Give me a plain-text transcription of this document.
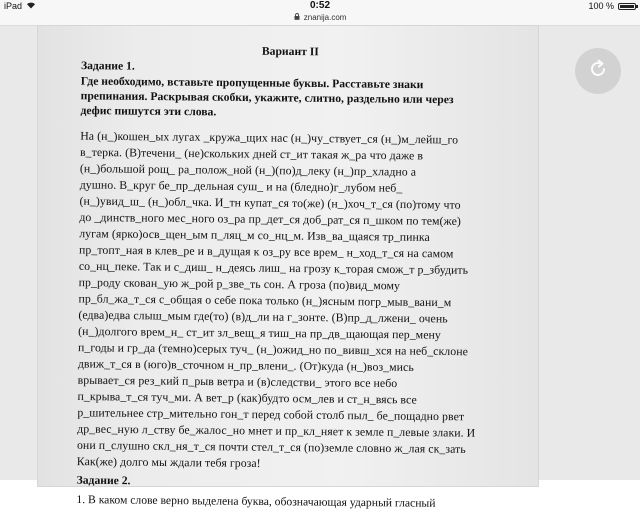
iPad	0:52	100 %
znanija.com
Вариант II
Задание 1.
Где необходимо, вставьте пропущенные буквы. Расставьте знаки
препинания. Раскрывая скобки, укажите, слитно, раздельно или через
дефис пишутся эти слова.
На (н_)кошен_ых лугах _кружа_щих нас (н_)чу_ствует_ся (н_)м_лейш_го
в_терка. (В)течени_ (не)скольких дней ст_ит такая ж_ра что даже в
(н_)большой рощ_ ра_полож_ной (н_)(по)д_леку (н_)пр_хладно а
душно. В_круг бе_пр_дельная суш_ и на (бледно)г_лубом неб_
(н_)увид_ш_ (н_)обл_чка. И_тн купат_ся то(же) (н_)хоч_т_ся (по)тому что
до _динств_ного мес_ного оз_ра пр_дет_ся доб_рат_ся п_шком по тем(же)
лугам (ярко)осв_щен_ым п_ляц_м со_нц_м. Изв_ва_щаяся тр_пинка
пр_топт_ная в клев_ре и в_дущая к оз_ру все врем_ н_ход_т_ся на самом
со_нц_пеке. Так и с_диш_ н_деясь лиш_ на грозу к_торая смож_т р_збудить
пр_роду скован_ую ж_рой р_зве_ть сон. А гроза (по)вид_мому
пр_бл_жа_т_ся с_общая о себе пока только (н_)ясным погр_мыв_вани_м
(едва)едва слыш_мым где(то) (в)д_ли на г_зонте. (В)пр_д_лжени_ очень
(н_)долгого врем_н_ ст_ит зл_вещ_я тиш_на пр_дв_щающая пер_мену
п_годы и гр_да (темно)серых туч_ (н_)ожид_но по_вивш_хся на неб_склоне
движ_т_ся в (юго)в_сточном н_пр_влени_. (От)куда (н_)воз_мись
врывает_ся рез_кий п_рыв ветра и (в)следстви_ этого все небо
п_крыва_т_ся туч_ми. А вет_р (как)будто осм_лев и ст_н_вясь все
р_шительнее стр_мительно гон_т перед собой столб пыл_ бе_пощадно рвет
др_вес_ную л_ству бе_жалос_но мнет и пр_кл_няет к земле п_левые злаки. И
они п_слушно скл_ня_т_ся почти стел_т_ся (по)земле словно ж_лая ск_зать
Как(же) долго мы ждали тебя гроза!
Задание 2.
1. В каком слове верно выделена буква, обозначающая ударный гласный
